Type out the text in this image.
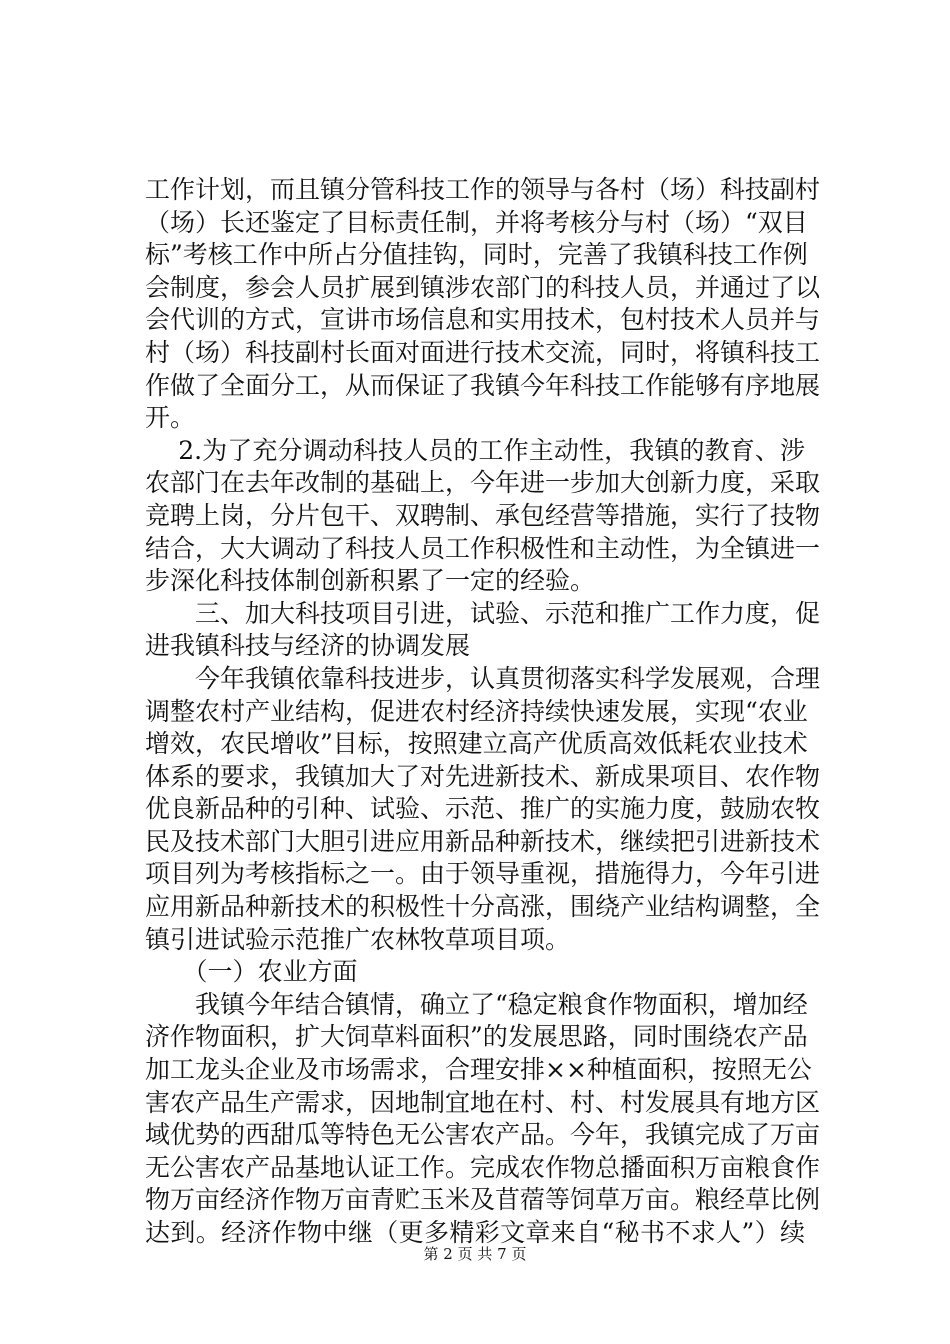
工作计划，而且镇分管科技工作的领导与各村（场）科技副村
（场）长还鉴定了目标责任制，并将考核分与村（场）“双目
标”考核工作中所占分值挂钩，同时，完善了我镇科技工作例
会制度，参会人员扩展到镇涉农部门的科技人员，并通过了以
会代训的方式，宣讲市场信息和实用技术，包村技术人员并与
村（场）科技副村长面对面进行技术交流，同时，将镇科技工
作做了全面分工，从而保证了我镇今年科技工作能够有序地展
开。
　 2.为了充分调动科技人员的工作主动性，我镇的教育、涉
农部门在去年改制的基础上，今年进一步加大创新力度，采取
竞聘上岗，分片包干、双聘制、承包经营等措施，实行了技物
结合，大大调动了科技人员工作积极性和主动性，为全镇进一
步深化科技体制创新积累了一定的经验。
　　三、加大科技项目引进，试验、示范和推广工作力度，促
进我镇科技与经济的协调发展
　　今年我镇依靠科技进步，认真贯彻落实科学发展观，合理
调整农村产业结构，促进农村经济持续快速发展，实现“农业
增效，农民增收”目标，按照建立高产优质高效低耗农业技术
体系的要求，我镇加大了对先进新技术、新成果项目、农作物
优良新品种的引种、试验、示范、推广的实施力度，鼓励农牧
民及技术部门大胆引进应用新品种新技术，继续把引进新技术
项目列为考核指标之一。由于领导重视，措施得力，今年引进
应用新品种新技术的积极性十分高涨，围绕产业结构调整，全
镇引进试验示范推广农林牧草项目项。
　　（一）农业方面
　　我镇今年结合镇情，确立了“稳定粮食作物面积，增加经
济作物面积，扩大饲草料面积”的发展思路，同时围绕农产品
加工龙头企业及市场需求，合理安排××种植面积，按照无公
害农产品生产需求，因地制宜地在村、村、村发展具有地方区
域优势的西甜瓜等特色无公害农产品。今年，我镇完成了万亩
无公害农产品基地认证工作。完成农作物总播面积万亩粮食作
物万亩经济作物万亩青贮玉米及苜蓿等饲草万亩。粮经草比例
达到。经济作物中继（更多精彩文章来自“秘书不求人”）续
第 2 页 共 7 页
